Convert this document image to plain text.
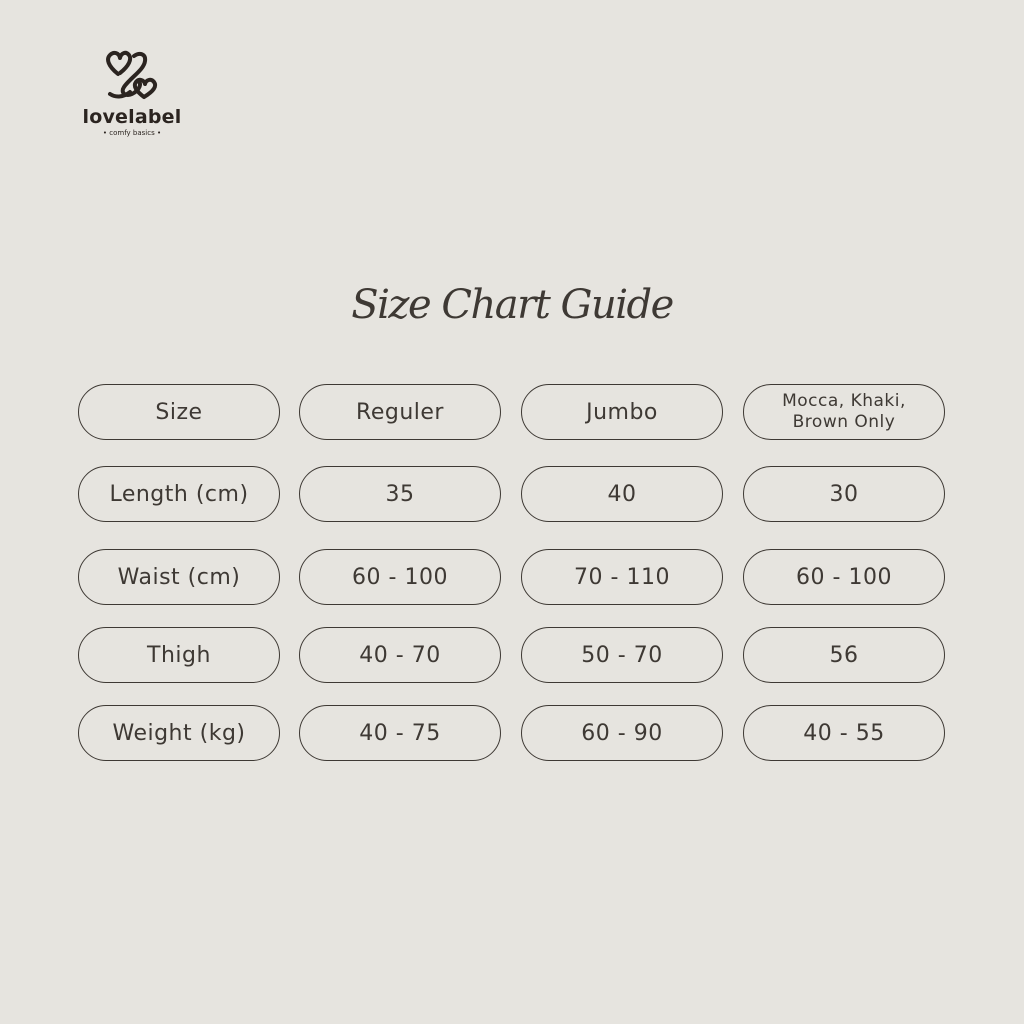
lovelabel
• comfy basics •
Size Chart Guide
Size	Reguler	Jumbo	Mocca, Khaki, Brown Only
Length (cm)	35	40	30
Waist (cm)	60 - 100	70 - 110	60 - 100
Thigh	40 - 70	50 - 70	56
Weight (kg)	40 - 75	60 - 90	40 - 55
